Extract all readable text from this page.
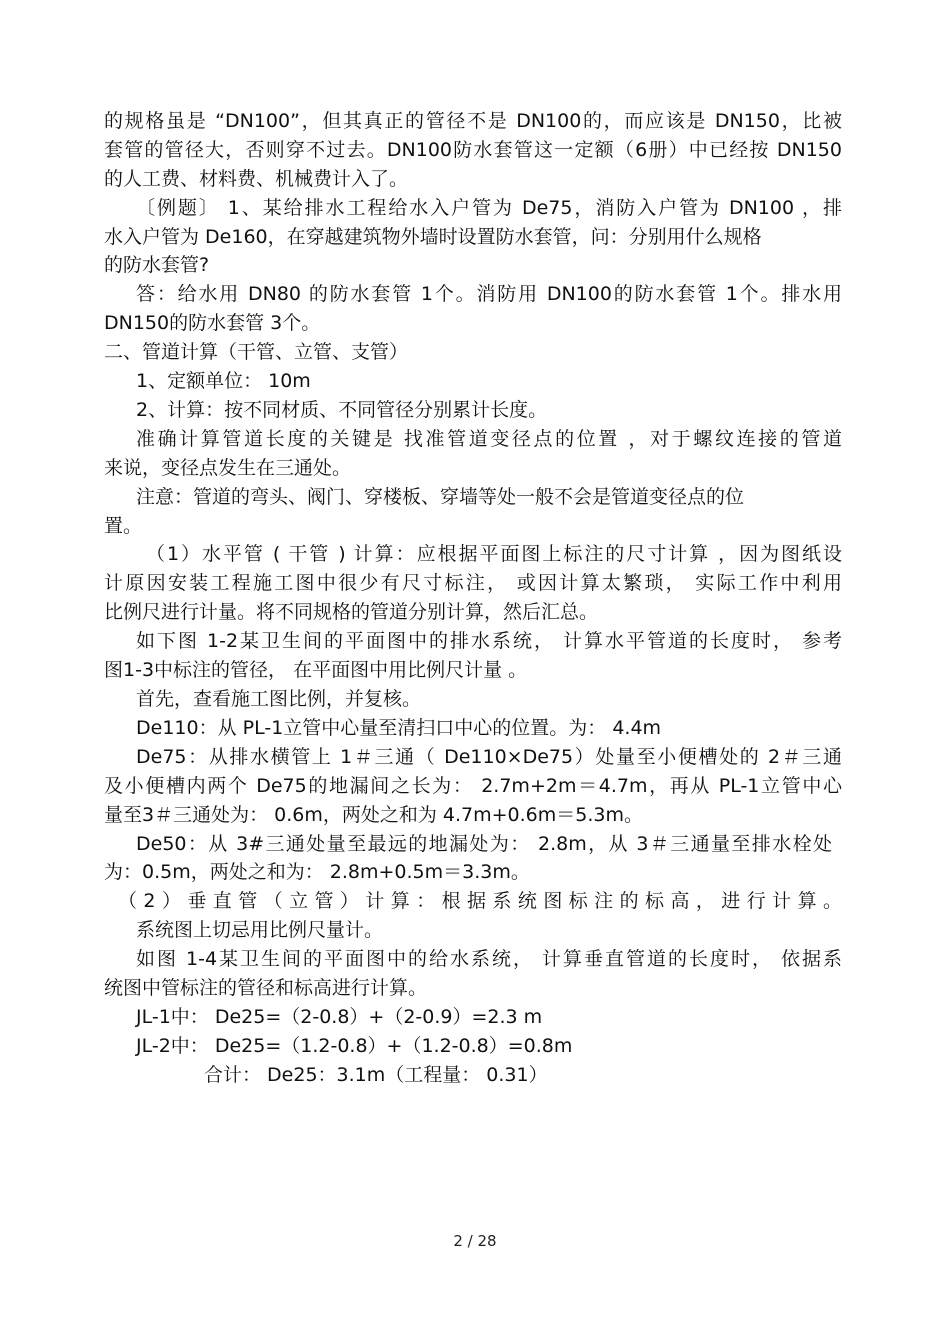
的规格虽是 “DN100”，但其真正的管径不是 DN100的，而应该是 DN150，比被
套管的管径大，否则穿不过去。DN100防水套管这一定额（6册）中已经按 DN150
的人工费、材料费、机械费计入了。
〔例题〕 1、某给排水工程给水入户管为 De75，消防入户管为 DN100 ，排
水入户管为 De160，在穿越建筑物外墙时设置防水套管，问：分别用什么规格
的防水套管?
答：给水用 DN80 的防水套管 1个。消防用 DN100的防水套管 1个。排水用
DN150的防水套管 3个。
二、管道计算（干管、立管、支管）
1、定额单位： 10m
2、计算：按不同材质、不同管径分别累计长度。
准确计算管道长度的关键是 找准管道变径点的位置 ，对于螺纹连接的管道
来说，变径点发生在三通处。
注意：管道的弯头、阀门、穿楼板、穿墙等处一般不会是管道变径点的位
置。
（1）水平管 ( 干管 ) 计算：应根据平面图上标注的尺寸计算 ，因为图纸设
计原因安装工程施工图中很少有尺寸标注， 或因计算太繁琐， 实际工作中利用
比例尺进行计量。将不同规格的管道分别计算，然后汇总。
如下图 1-2某卫生间的平面图中的排水系统， 计算水平管道的长度时， 参考
图1-3中标注的管径， 在平面图中用比例尺计量 。
首先，查看施工图比例，并复核。
De110：从 PL-1立管中心量至清扫口中心的位置。为： 4.4m
De75：从排水横管上 1＃三通（ De110×De75）处量至小便槽处的 2＃三通
及小便槽内两个 De75的地漏间之长为： 2.7m+2m＝4.7m，再从 PL-1立管中心
量至3＃三通处为： 0.6m，两处之和为 4.7m+0.6m＝5.3m。
De50：从 3#三通处量至最远的地漏处为： 2.8m，从 3＃三通量至排水栓处
为：0.5m，两处之和为： 2.8m+0.5m＝3.3m。
（2）垂直管（立管）计算：根据系统图标注的标高，进行计算。
系统图上切忌用比例尺量计。
如图 1-4某卫生间的平面图中的给水系统， 计算垂直管道的长度时， 依据系
统图中管标注的管径和标高进行计算。
JL-1中： De25=（2-0.8）+（2-0.9）=2.3 m
JL-2中： De25=（1.2-0.8）+（1.2-0.8）=0.8m
合计： De25：3.1m（工程量： 0.31）
2 / 28
